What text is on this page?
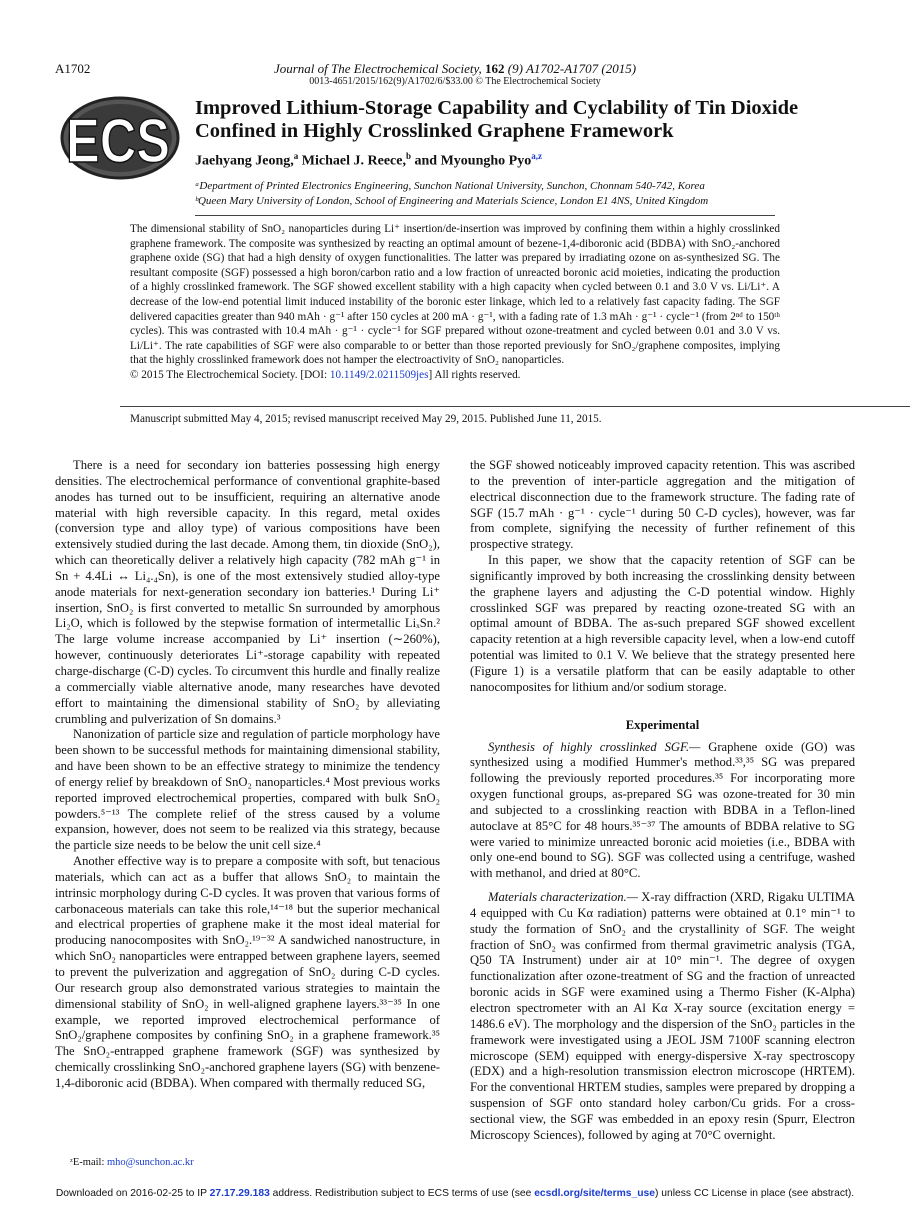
A1702	Journal of The Electrochemical Society, 162 (9) A1702-A1707 (2015)
0013-4651/2015/162(9)/A1702/6/$33.00 © The Electrochemical Society
ECS Improved Lithium-Storage Capability and Cyclability of Tin Dioxide Confined in Highly Crosslinked Graphene Framework
Jaehyang Jeong,$^a$ Michael J. Reece,$^b$ and Myoungho Pyo$^{a,z}$
ᵃDepartment of Printed Electronics Engineering, Sunchon National University, Sunchon, Chonnam 540-742, Korea
ᵇQueen Mary University of London, School of Engineering and Materials Science, London E1 4NS, United Kingdom

The dimensional stability of SnO₂ nanoparticles during Li⁺ insertion/de-insertion was improved by confining them within a highly crosslinked graphene framework. The composite was synthesized by reacting an optimal amount of bezene-1,4-diboronic acid (BDBA) with SnO₂-anchored graphene oxide (SG) that had a high density of oxygen functionalities. The latter was prepared by irradiating ozone on as-synthesized SG. The resultant composite (SGF) possessed a high boron/carbon ratio and a low fraction of unreacted boronic acid moieties, indicating the production of a highly crosslinked framework. The SGF showed excellent stability with a high capacity when cycled between 0.1 and 3.0 V vs. Li/Li⁺. A decrease of the low-end potential limit induced instability of the boronic ester linkage, which led to a relatively fast capacity fading. The SGF delivered capacities greater than 940 mAh · g⁻¹ after 150 cycles at 200 mA · g⁻¹, with a fading rate of 1.3 mAh · g⁻¹ · cycle⁻¹ (from 2ⁿᵈ to 150ᵗʰ cycles). This was contrasted with 10.4 mAh · g⁻¹ · cycle⁻¹ for SGF prepared without ozone-treatment and cycled between 0.01 and 3.0 V vs. Li/Li⁺. The rate capabilities of SGF were also comparable to or better than those reported previously for SnO₂/graphene composites, implying that the highly crosslinked framework does not hamper the electroactivity of SnO₂ nanoparticles.

© 2015 The Electrochemical Society. [DOI: 10.1149/2.0211509jes] All rights reserved.

Manuscript submitted May 4, 2015; revised manuscript received May 29, 2015. Published June 11, 2015.

There is a need for secondary ion batteries possessing high energy densities. The electrochemical performance of conventional graphite-based anodes has turned out to be insufficient, requiring an alternative anode material with high reversible capacity. In this regard, metal oxides (conversion type and alloy type) of various compositions have been extensively studied during the last decade. Among them, tin dioxide (SnO₂), which can theoretically deliver a relatively high capacity (782 mAh g⁻¹ in Sn + 4.4Li ↔ Li₄.₄Sn), is one of the most extensively studied alloy-type anode materials for next-generation secondary ion batteries.¹ During Li⁺ insertion, SnO₂ is first converted to metallic Sn surrounded by amorphous Li₂O, which is followed by the stepwise formation of intermetallic LiₓSn.² The large volume increase accompanied by Li⁺ insertion (∼260%), however, continuously deteriorates Li⁺-storage capability with repeated charge-discharge (C-D) cycles. To circumvent this hurdle and finally realize a commercially viable alternative anode, many researches have devoted effort to maintaining the dimensional stability of SnO₂ by alleviating crumbling and pulverization of Sn domains.³

Nanonization of particle size and regulation of particle morphology have been shown to be successful methods for maintaining dimensional stability, and have been shown to be an effective strategy to minimize the tendency of energy relief by breakdown of SnO₂ nanoparticles.⁴ Most previous works reported improved electrochemical properties, compared with bulk SnO₂ powders.⁵⁻¹³ The complete relief of the stress caused by a volume expansion, however, does not seem to be realized via this strategy, because the particle size needs to be below the unit cell size.⁴

Another effective way is to prepare a composite with soft, but tenacious materials, which can act as a buffer that allows SnO₂ to maintain the intrinsic morphology during C-D cycles. It was proven that various forms of carbonaceous materials can take this role,¹⁴⁻¹⁸ but the superior mechanical and electrical properties of graphene make it the most ideal material for producing nanocomposites with SnO₂.¹⁹⁻³² A sandwiched nanostructure, in which SnO₂ nanoparticles were entrapped between graphene layers, seemed to prevent the pulverization and aggregation of SnO₂ during C-D cycles. Our research group also demonstrated various strategies to maintain the dimensional stability of SnO₂ in well-aligned graphene layers.³³⁻³⁵ In one example, we reported improved electrochemical performance of SnO₂/graphene composites by confining SnO₂ in a graphene framework.³⁵ The SnO₂-entrapped graphene framework (SGF) was synthesized by chemically crosslinking SnO₂-anchored graphene layers (SG) with benzene-1,4-diboronic acid (BDBA). When compared with thermally reduced SG,

the SGF showed noticeably improved capacity retention. This was ascribed to the prevention of inter-particle aggregation and the mitigation of electrical disconnection due to the framework structure. The fading rate of SGF (15.7 mAh · g⁻¹ · cycle⁻¹ during 50 C-D cycles), however, was far from complete, signifying the necessity of further refinement of this prospective strategy.

In this paper, we show that the capacity retention of SGF can be significantly improved by both increasing the crosslinking density between the graphene layers and adjusting the C-D potential window. Highly crosslinked SGF was prepared by reacting ozone-treated SG with an optimal amount of BDBA. The as-such prepared SGF showed excellent capacity retention at a high reversible capacity level, when a low-end cutoff potential was limited to 0.1 V. We believe that the strategy presented here (Figure 1) is a versatile platform that can be easily adaptable to other nanocomposites for lithium and/or sodium storage.

Experimental

Synthesis of highly crosslinked SGF.— Graphene oxide (GO) was synthesized using a modified Hummer's method.³³,³⁵ SG was prepared following the previously reported procedures.³⁵ For incorporating more oxygen functional groups, as-prepared SG was ozone-treated for 30 min and subjected to a crosslinking reaction with BDBA in a Teflon-lined autoclave at 85°C for 48 hours.³⁵⁻³⁷ The amounts of BDBA relative to SG were varied to minimize unreacted boronic acid moieties (i.e., BDBA with only one-end bound to SG). SGF was collected using a centrifuge, washed with methanol, and dried at 80°C.

Materials characterization.— X-ray diffraction (XRD, Rigaku ULTIMA 4 equipped with Cu Kα radiation) patterns were obtained at 0.1° min⁻¹ to study the formation of SnO₂ and the crystallinity of SGF. The weight fraction of SnO₂ was confirmed from thermal gravimetric analysis (TGA, Q50 TA Instrument) under air at 10° min⁻¹. The degree of oxygen functionalization after ozone-treatment of SG and the fraction of unreacted boronic acids in SGF were examined using a Thermo Fisher (K-Alpha) electron spectrometer with an Al Kα X-ray source (excitation energy = 1486.6 eV). The morphology and the dispersion of the SnO₂ particles in the framework were investigated using a JEOL JSM 7100F scanning electron microscope (SEM) equipped with energy-dispersive X-ray spectroscopy (EDX) and a high-resolution transmission electron microscope (HRTEM). For the conventional HRTEM studies, samples were prepared by dropping a suspension of SGF onto standard holey carbon/Cu grids. For a cross-sectional view, the SGF was embedded in an epoxy resin (Spurr, Electron Microscopy Sciences), followed by aging at 70°C overnight.

ᶻE-mail: mho@sunchon.ac.kr
Downloaded on 2016-02-25 to IP 27.17.29.183 address. Redistribution subject to ECS terms of use (see ecsdl.org/site/terms_use) unless CC License in place (see abstract).
